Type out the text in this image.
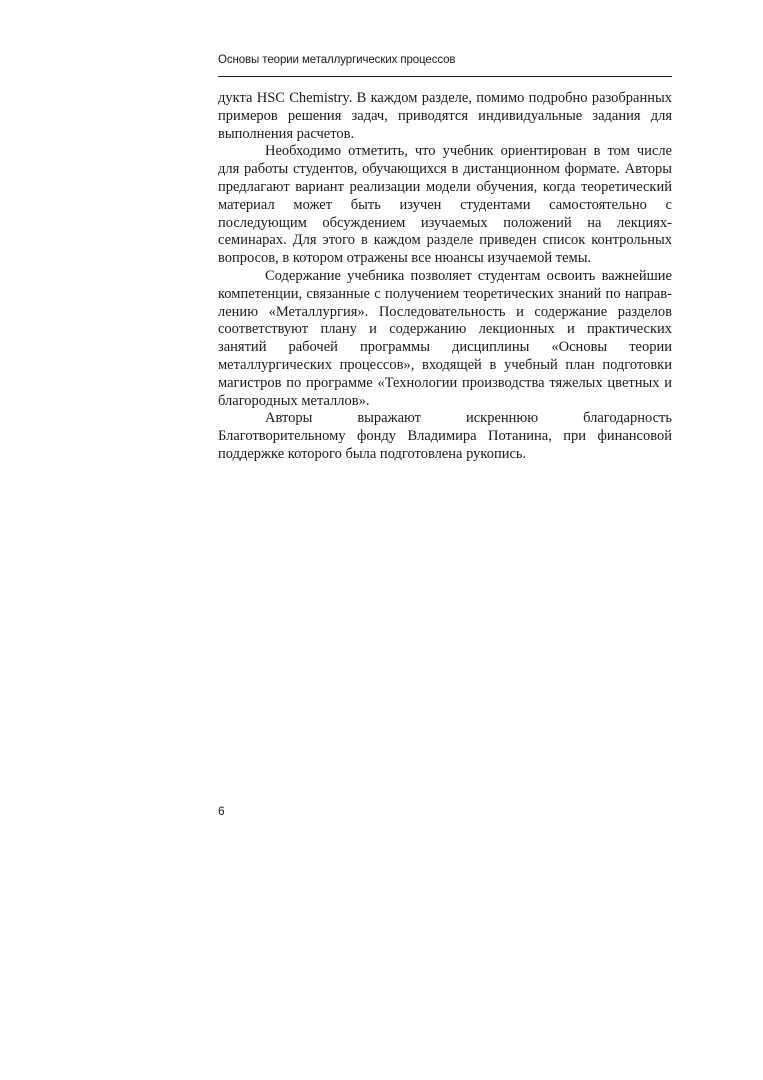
Основы теории металлургических процессов

дукта HSC Chemistry. В каждом разделе, помимо подробно разобранных примеров решения задач, приводятся индивидуальные задания для выполнения расчетов.

Необходимо отметить, что учебник ориентирован в том числе для работы студентов, обучающихся в дистанционном формате. Авторы предлагают вариант реализации модели обучения, когда теоретический материал может быть изучен студентами самостоятельно с последующим обсуждением изучаемых положений на лекциях-семинарах. Для этого в каждом разделе приведен список контрольных вопросов, в котором отражены все нюансы изучаемой темы.

Содержание учебника позволяет студентам освоить важнейшие компетенции, связанные с получением теоретических знаний по направлению «Металлургия». Последовательность и содержание разделов соответствуют плану и содержанию лекционных и практических занятий рабочей программы дисциплины «Основы теории металлургических процессов», входящей в учебный план подготовки магистров по программе «Технологии производства тяжелых цветных и благородных металлов».

Авторы выражают искреннюю благодарность Благотворительному фонду Владимира Потанина, при финансовой поддержке которого была подготовлена рукопись.

6
